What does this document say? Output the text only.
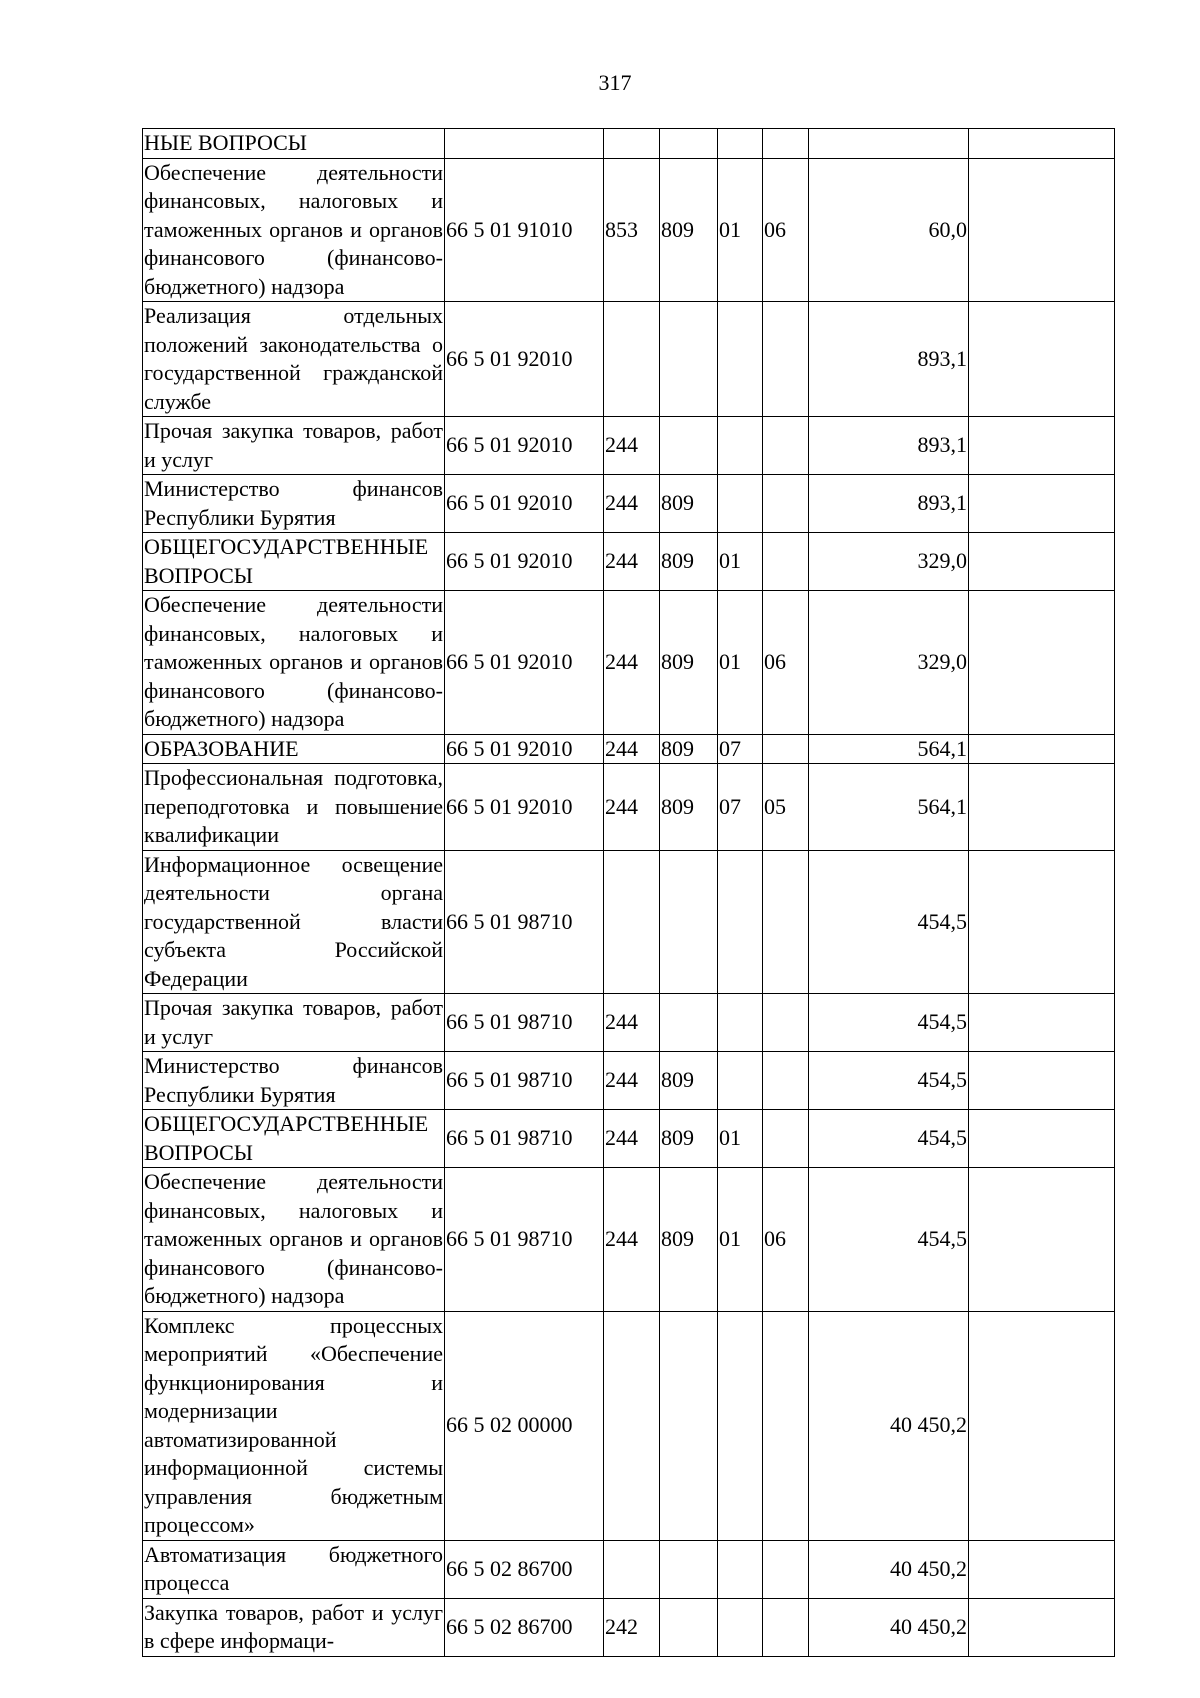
317
НЫЕ ВОПРОСЫ							
Обеспечение деятельности финансовых, налоговых и таможенных органов и органов финансового (финансово-бюджетного) надзора	66 5 01 91010	853	809	01	06	60,0	
Реализация отдельных положений законодательства о государственной гражданской службе	66 5 01 92010					893,1	
Прочая закупка товаров, работ и услуг	66 5 01 92010	244				893,1	
Министерство финансов Республики Бурятия	66 5 01 92010	244	809			893,1	
ОБЩЕГОСУДАРСТВЕННЫЕ ВОПРОСЫ	66 5 01 92010	244	809	01		329,0	
Обеспечение деятельности финансовых, налоговых и таможенных органов и органов финансового (финансово-бюджетного) надзора	66 5 01 92010	244	809	01	06	329,0	
ОБРАЗОВАНИЕ	66 5 01 92010	244	809	07		564,1	
Профессиональная подготовка, переподготовка и повышение квалификации	66 5 01 92010	244	809	07	05	564,1	
Информационное освещение деятельности органа государственной власти субъекта Российской Федерации	66 5 01 98710					454,5	
Прочая закупка товаров, работ и услуг	66 5 01 98710	244				454,5	
Министерство финансов Республики Бурятия	66 5 01 98710	244	809			454,5	
ОБЩЕГОСУДАРСТВЕННЫЕ ВОПРОСЫ	66 5 01 98710	244	809	01		454,5	
Обеспечение деятельности финансовых, налоговых и таможенных органов и органов финансового (финансово-бюджетного) надзора	66 5 01 98710	244	809	01	06	454,5	
Комплекс процессных мероприятий «Обеспечение функционирования и модернизации автоматизированной информационной системы управления бюджетным процессом»	66 5 02 00000					40 450,2	
Автоматизация бюджетного процесса	66 5 02 86700					40 450,2	
Закупка товаров, работ и услуг в сфере информаци-	66 5 02 86700	242				40 450,2	
